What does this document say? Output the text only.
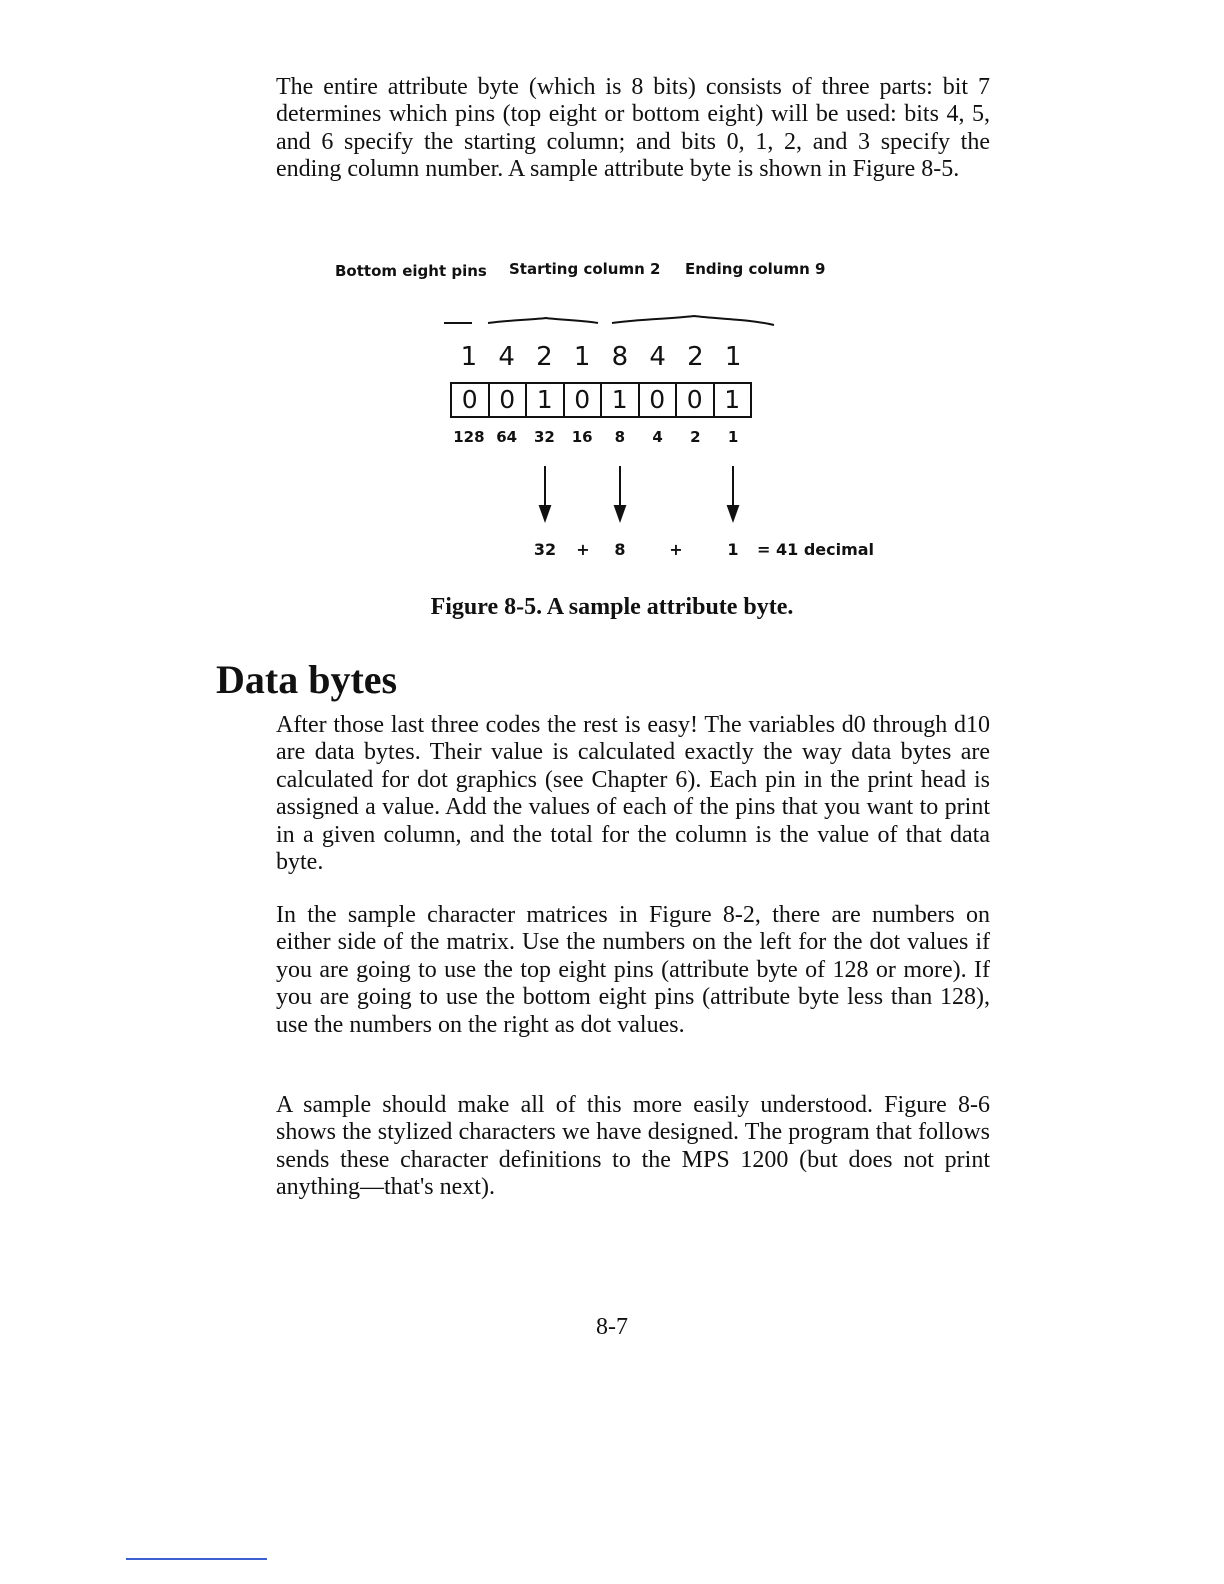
The entire attribute byte (which is 8 bits) consists of three parts: bit 7 determines which pins (top eight or bottom eight) will be used: bits 4, 5, and 6 specify the starting column; and bits 0, 1, 2, and 3 specify the ending column number. A sample attribute byte is shown in Figure 8-5.

Bottom eight pins Starting column 2 Ending column 9
1 4 2 1 8 4 2 1
0 0 1 0 1 0 0 1
128 64	32	16	8	4	2	1
32 + 8	+	1 = 41 decimal
Figure 8-5. A sample attribute byte.
Data bytes

After those last three codes the rest is easy! The variables d0 through d10 are data bytes. Their value is calculated exactly the way data bytes are calculated for dot graphics (see Chapter 6). Each pin in the print head is assigned a value. Add the values of each of the pins that you want to print in a given column, and the total for the column is the value of that data byte.

In the sample character matrices in Figure 8-2, there are numbers on either side of the matrix. Use the numbers on the left for the dot values if you are going to use the top eight pins (attribute byte of 128 or more). If you are going to use the bottom eight pins (attribute byte less than 128), use the numbers on the right as dot values.

A sample should make all of this more easily understood. Figure 8-6 shows the stylized characters we have designed. The program that follows sends these character definitions to the MPS 1200 (but does not print anything—that's next).

8-7
